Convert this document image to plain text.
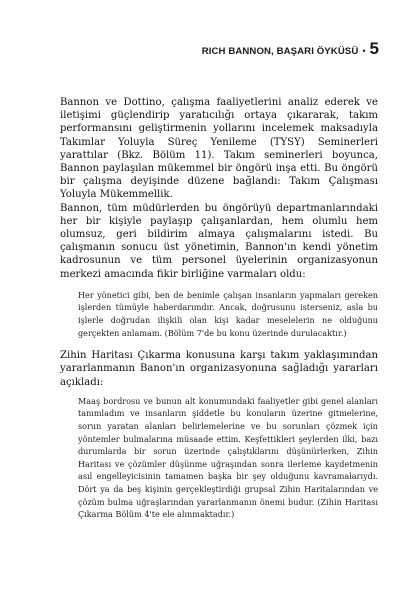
RICH BANNON, BAŞARI ÖYKÜSÜ • 5

Bannon ve Dottino, çalışma faaliyetlerini analiz ederek ve iletişimi güçlendirip yaratıcılığı ortaya çıkararak, takım performansını geliştirmenin yollarını incelemek maksadıyla Takımlar Yoluyla Süreç Yenileme (TYSY) Seminerleri yarattılar (Bkz. Bölüm 11). Takım seminerleri boyunca, Bannon paylaşılan mükemmel bir öngörü inşa etti. Bu öngörü bir çalışma deyişinde düzene bağlandı: Takım Çalışması Yoluyla Mükemmellik.

Bannon, tüm müdürlerden bu öngörüyü departmanlarındaki her bir kişiyle paylaşıp çalışanlardan, hem olumlu hem olumsuz, geri bildirim almaya çalışmalarını istedi. Bu çalışmanın sonucu üst yönetimin, Bannon'ın kendi yönetim kadrosunun ve tüm personel üyelerinin organizasyonun merkezi amacında fikir birliğine varmaları oldu:

Her yönetici gibi, ben de benimle çalışan insanların yapmaları gereken işlerden tümüyle haberdarımdır. Ancak, doğrusunu isterseniz, asla bu işlerle doğrudan ilişkili olan kişi kadar meselelerin ne olduğunu gerçekten anlamam. (Bölüm 7'de bu konu üzerinde durulacaktır.)

Zihin Haritası Çıkarma konusuna karşı takım yaklaşımından yararlanmanın Banon'ın organizasyonuna sağladığı yararları açıkladı:

Maaş bordrosu ve bunun alt konumundaki faaliyetler gibi genel alanları tanımladım ve insanların şiddetle bu konuların üzerine gitmelerine, sorun yaratan alanları belirlemelerine ve bu sorunları çözmek için yöntemler bulmalarına müsaade ettim. Keşfettikleri şeylerden ilki, bazı durumlarda bir sorun üzerinde çalıştıklarını düşünürlerken, Zihin Haritası ve çözümler düşünme uğraşından sonra ilerleme kaydetmenin asıl engelleyicisinin tamamen başka bir şey olduğunu kavramalarıydı. Dört ya da beş kişinin gerçekleştirdiği grupsal Zihin Haritalarından ve çözüm bulma uğraşlarından yararlanmanın önemi budur. (Zihin Haritası Çıkarma Bölüm 4'te ele alınmaktadır.)
